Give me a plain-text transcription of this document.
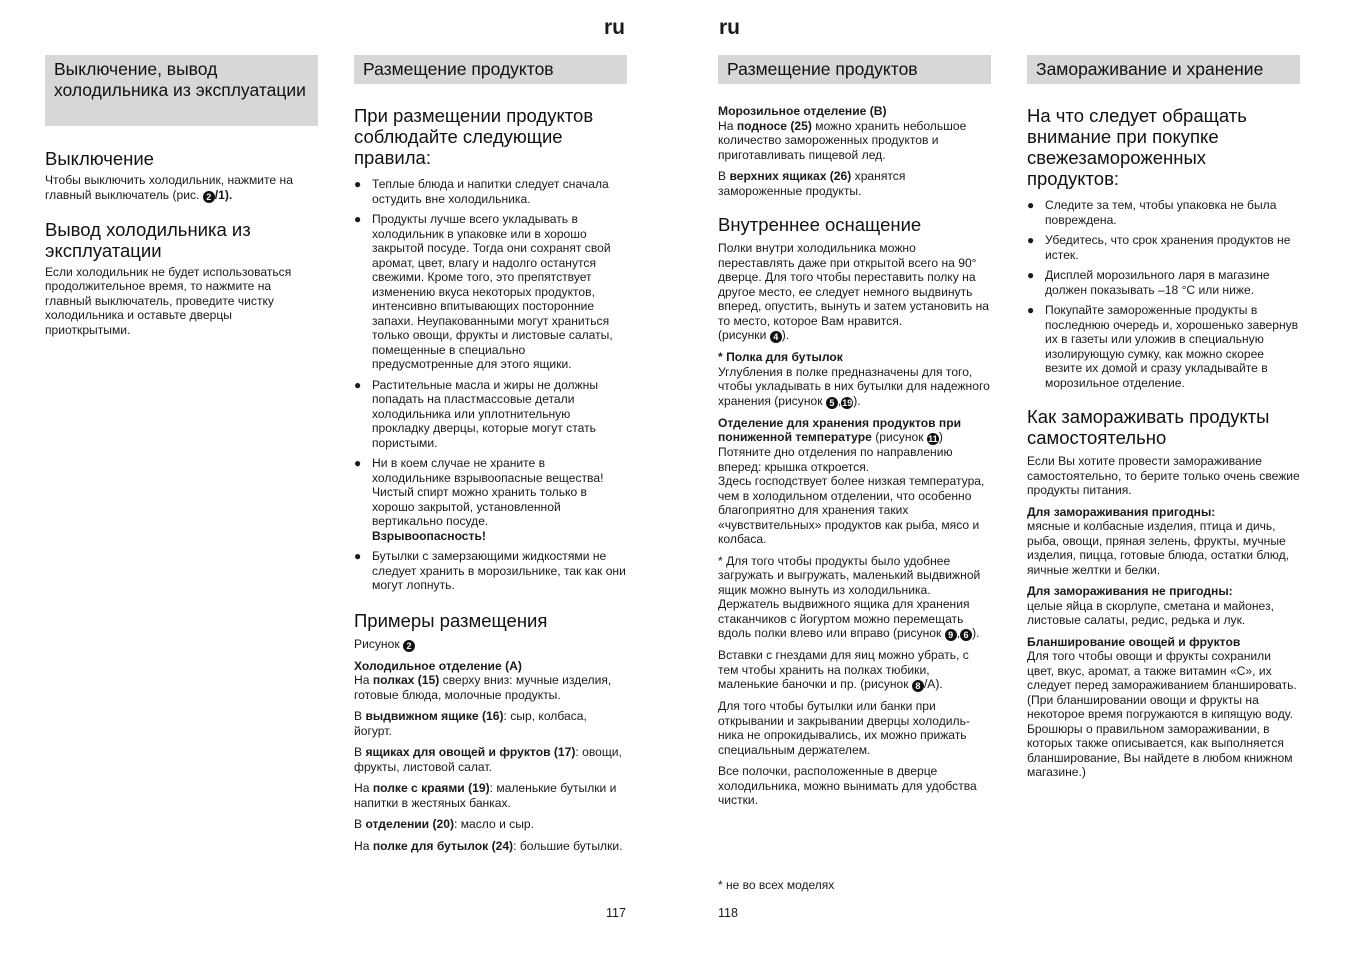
ru	ru
Выключение, вывод холодильника из эксплуатации
Выключение

Чтобы выключить холодильник, нажмите на главный выключатель (рис. 2 /1).

Вывод холодильника из эксплуатации

Если холодильник не будет использоваться продолжительное время, то нажмите на главный выключатель, проведите чистку холодильника и оставьте дверцы приоткрытыми.

Размещение продуктов
При размещении продуктов соблюдайте следующие правила:
● Теплые блюда и напитки следует сначала остудить вне холодильника.
● Продукты лучше всего укладывать в холодильник в упаковке или в хорошо закрытой посуде. Тогда они сохранят свой аромат, цвет, влагу и надолго останутся свежими. Кроме того, это препятствует изменению вкуса некоторых продуктов, интенсивно впитывающих посторонние запахи. Неупакованными могут храниться только овощи, фрукты и листовые салаты, помещенные в специально предусмотренные для этого ящики.
● Растительные масла и жиры не должны попадать на пластмассовые детали холодильника или уплотнительную прокладку дверцы, которые могут стать пористыми.
● Ни в коем случае не храните в холодильнике взрывоопасные вещества! Чистый спирт можно хранить только в хорошо закрытой, установленной вертикально посуде.
Взрывоопасность!
● Бутылки с замерзающими жидкостями не следует хранить в морозильнике, так как они могут лопнуть.
Примеры размещения

Рисунок 2

Холодильное отделение (A)

На полках (15) сверху вниз: мучные изделия, готовые блюда, молочные продукты.

В выдвижном ящике (16): сыр, колбаса, йогурт.

В ящиках для овощей и фруктов (17): овощи, фрукты, листовой салат.

На полке с краями (19): маленькие бутылки и напитки в жестяных банках.

В отделении (20): масло и сыр.

На полке для бутылок (24): большие бутылки.

Размещение продуктов

Морозильное отделение (B)

На подносе (25) можно хранить небольшое количество замороженных продуктов и приготавливать пищевой лед.

В верхних ящиках (26) хранятся замороженные продукты.

Внутреннее оснащение

Полки внутри холодильника можно переставлять даже при открытой всего на 90° дверце. Для того чтобы переставить полку на другое место, ее следует немного выдвинуть вперед, опустить, вынуть и затем установить на то место, которое Вам нравится.
(рисунки 4 ).

* Полка для бутылок

Углубления в полке предназначены для того, чтобы укладывать в них бутылки для надежного хранения (рисунок 5 ,19).

Отделение для хранения продуктов при пониженной температуре (рисунок 11)
Потяните дно отделения по направлению вперед: крышка откроется.
Здесь господствует более низкая температура, чем в холодильном отделении, что особенно благоприятно для хранения таких «чувствительных» продуктов как рыба, мясо и колбаса.

* Для того чтобы продукты было удобнее загружать и выгружать, маленький выдвижной ящик можно вынуть из холодильника. Держатель выдвижного ящика для хранения стаканчиков с йогуртом можно перемещать вдоль полки влево или вправо (рисунок 9 , 6 ).

Вставки с гнездами для яиц можно убрать, с тем чтобы хранить на полках тюбики, маленькие баночки и пр. (рисунок 8 /A).

Для того чтобы бутылки или банки при открывании и закрывании дверцы холодиль-ника не опрокидывались, их можно прижать специальным держателем.

Все полочки, расположенные в дверце холодильника, можно вынимать для удобства чистки.

Замораживание и хранение
На что следует обращать внимание при покупке свежезамороженных продуктов:
● Следите за тем, чтобы упаковка не была повреждена.
● Убедитесь, что срок хранения продуктов не истек.
● Дисплей морозильного ларя в магазине должен показывать –18 °C или ниже.
● Покупайте замороженные продукты в последнюю очередь и, хорошенько завернув их в газеты или уложив в специальную изолирующую сумку, как можно скорее везите их домой и сразу укладывайте в морозильное отделение.
Как замораживать продукты самостоятельно

Если Вы хотите провести замораживание самостоятельно, то берите только очень свежие продукты питания.

Для замораживания пригодны:
мясные и колбасные изделия, птица и дичь, рыба, овощи, пряная зелень, фрукты, мучные изделия, пицца, готовые блюда, остатки блюд, яичные желтки и белки.

Для замораживания не пригодны:
целые яйца в скорлупе, сметана и майонез, листовые салаты, редис, редька и лук.

Бланширование овощей и фруктов
Для того чтобы овощи и фрукты сохранили цвет, вкус, аромат, а также витамин «C», их следует перед замораживанием бланшировать.
(При бланшировании овощи и фрукты на некоторое время погружаются в кипящую воду. Брошюры о правильном замораживании, в которых также описывается, как выполняется бланширование, Вы найдете в любом книжном магазине.)

* не во всех моделях
117	118
